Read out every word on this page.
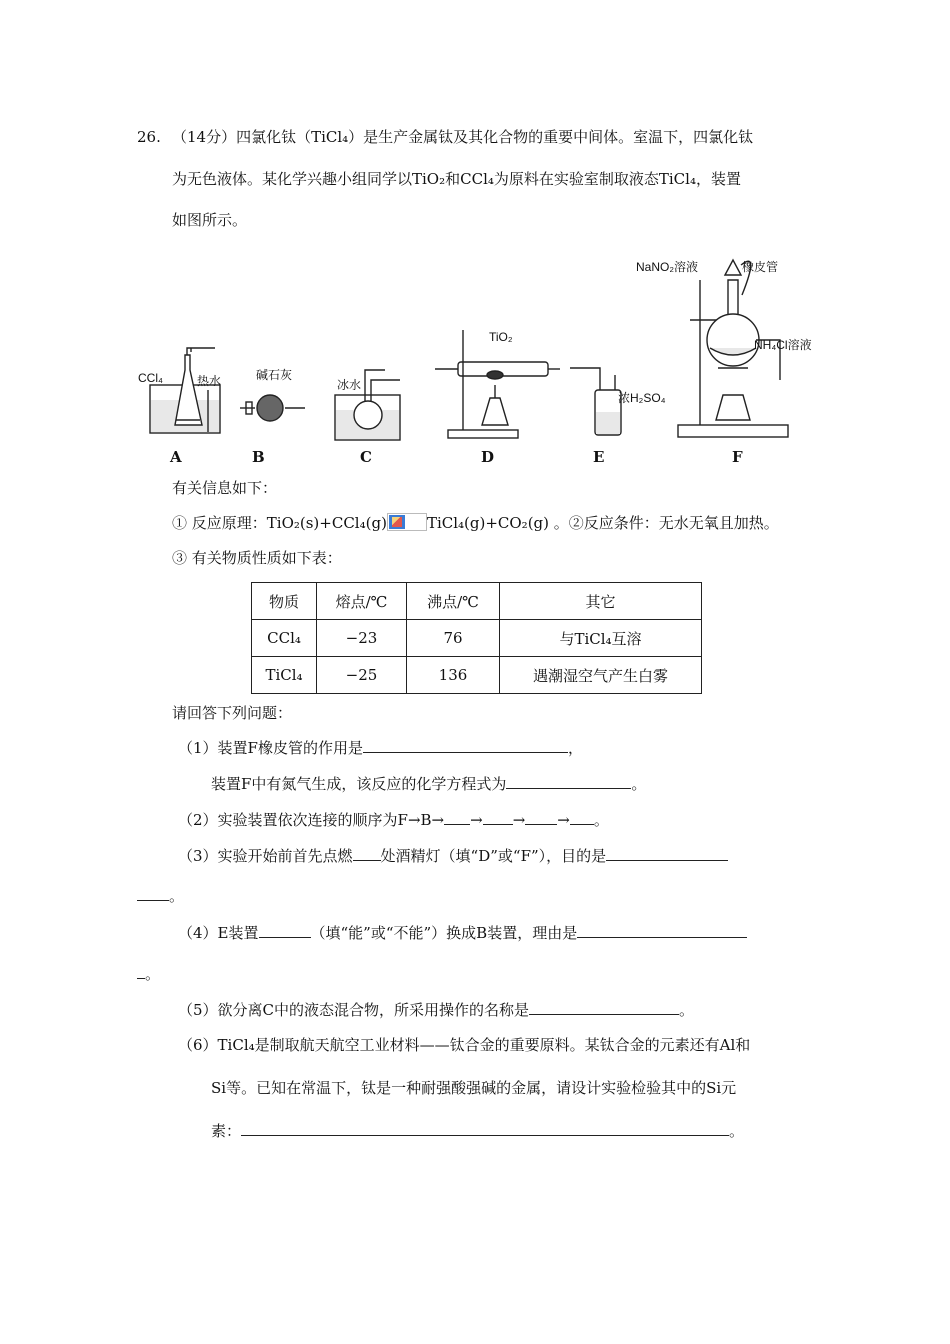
26. （14分）四氯化钛（TiCl₄）是生产金属钛及其化合物的重要中间体。室温下，四氯化钛
为无色液体。某化学兴趣小组同学以TiO₂和CCl₄为原料在实验室制取液态TiCl₄，装置
如图所示。
CCl₄	热水	碱石灰
冰水
TiO₂
浓H₂SO₄
NaNO₂溶液	橡皮管
NH₄Cl溶液
A	B	C	D	E	F
有关信息如下：
① 反应原理：TiO₂(s)+CCl₄(g)	TiCl₄(g)+CO₂(g) 。②反应条件：无水无氧且加热。
③ 有关物质性质如下表：
物质	熔点/℃	沸点/℃	其它
CCl₄	−23	76	与TiCl₄互溶
TiCl₄	−25	136	遇潮湿空气产生白雾
请回答下列问题：
（1）装置F橡皮管的作用是	，
装置F中有氮气生成，该反应的化学方程式为	。
（2）实验装置依次连接的顺序为F→B→ → → → 。
（3）实验开始前首先点燃 处酒精灯（填“D”或“F”），目的是
。
（4）E装置	（填“能”或“不能”）换成B装置，理由是
。
（5）欲分离C中的液态混合物，所采用操作的名称是	。
（6）TiCl₄是制取航天航空工业材料——钛合金的重要原料。某钛合金的元素还有Al和
Si等。已知在常温下，钛是一种耐强酸强碱的金属，请设计实验检验其中的Si元
素：	。
